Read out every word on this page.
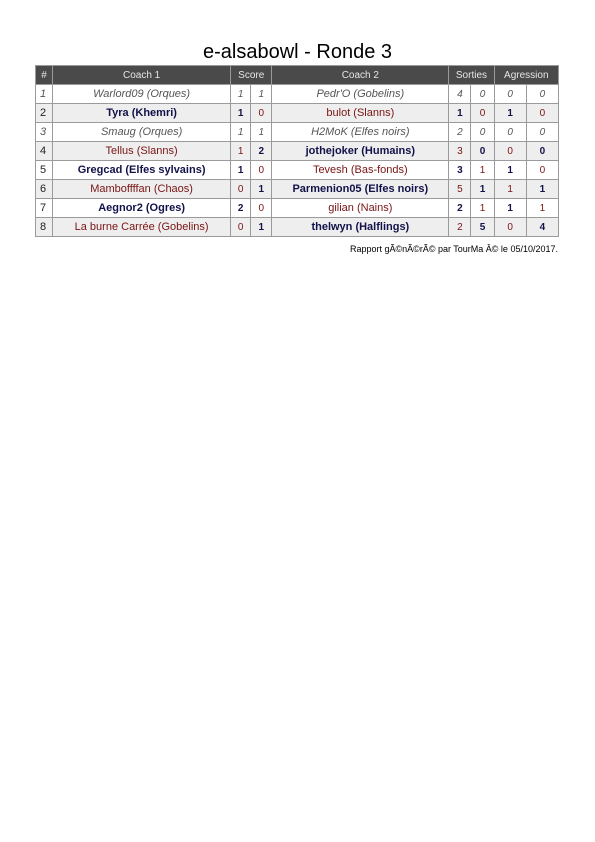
e-alsabowl - Ronde 3
#	Coach 1	Score		Coach 2	Sorties		Agression	
1	Warlord09 (Orques)	1	1	Pedr'O (Gobelins)	4	0	0	0
2	Tyra (Khemri)	1	0	bulot (Slanns)	1	0	1	0
3	Smaug (Orques)	1	1	H2MoK (Elfes noirs)	2	0	0	0
4	Tellus (Slanns)	1	2	jothejoker (Humains)	3	0	0	0
5	Gregcad (Elfes sylvains)	1	0	Tevesh (Bas-fonds)	3	1	1	0
6	Mamboffffan (Chaos)	0	1	Parmenion05 (Elfes noirs)	5	1	1	1
7	Aegnor2 (Ogres)	2	0	gilian (Nains)	2	1	1	1
8	La burne Carrée (Gobelins)	0	1	thelwyn (Halflings)	2	5	0	4
Rapport gÃ©nÃ©rÃ© par TourMa Â© le 05/10/2017.
